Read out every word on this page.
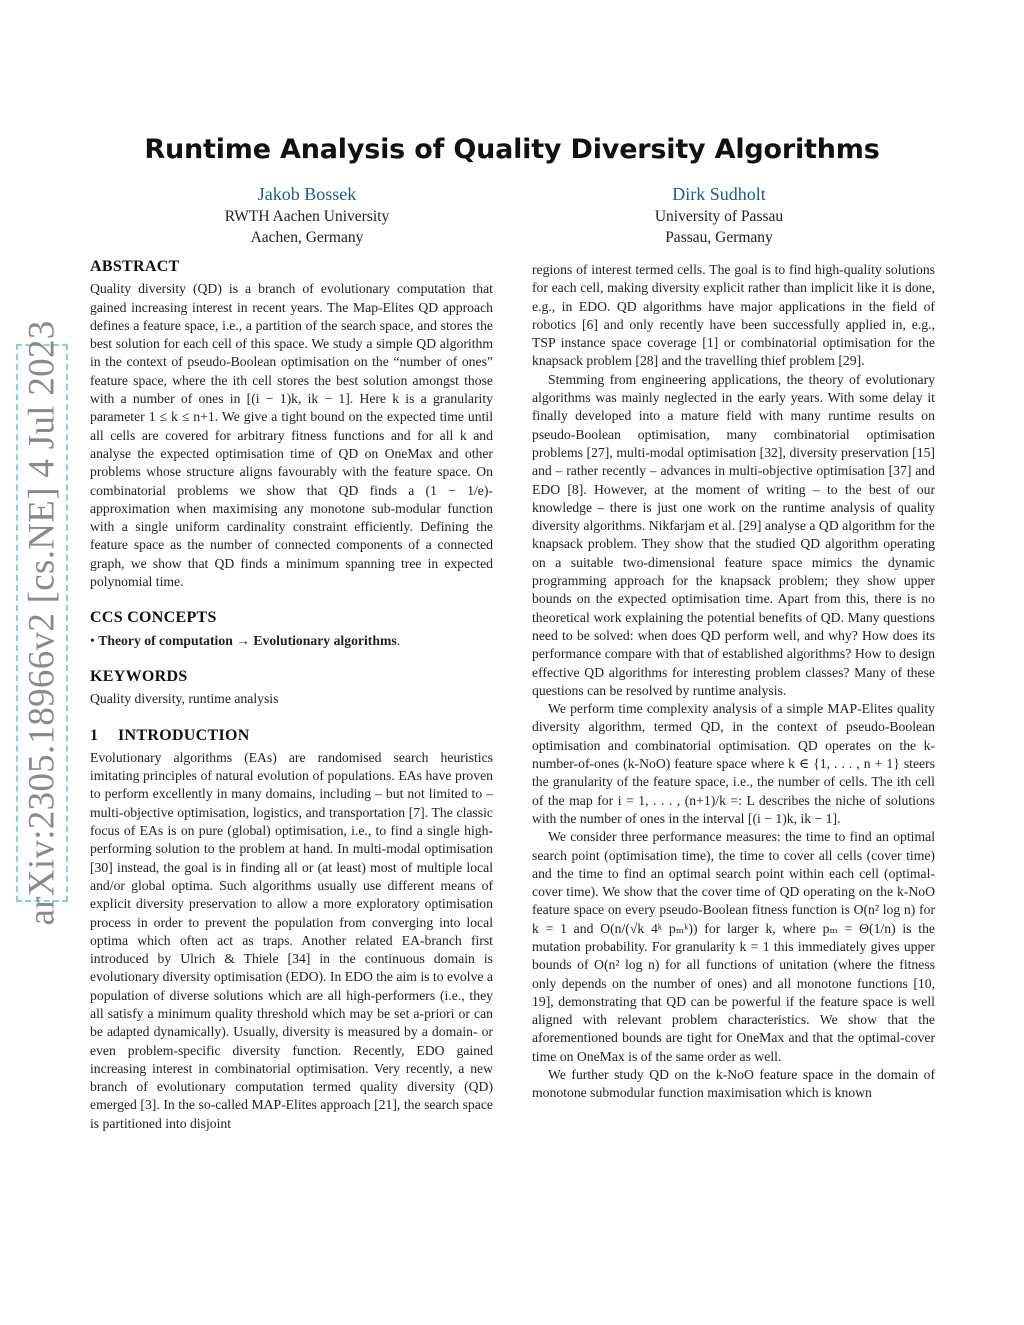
arXiv:2305.18966v2 [cs.NE] 4 Jul 2023
Runtime Analysis of Quality Diversity Algorithms
Jakob Bossek
RWTH Aachen University
Aachen, Germany
Dirk Sudholt
University of Passau
Passau, Germany
ABSTRACT

Quality diversity (QD) is a branch of evolutionary computation that gained increasing interest in recent years. The Map-Elites QD approach defines a feature space, i.e., a partition of the search space, and stores the best solution for each cell of this space. We study a simple QD algorithm in the context of pseudo-Boolean optimisation on the “number of ones” feature space, where the ith cell stores the best solution amongst those with a number of ones in [(i − 1)k, ik − 1]. Here k is a granularity parameter 1 ≤ k ≤ n+1. We give a tight bound on the expected time until all cells are covered for arbitrary fitness functions and for all k and analyse the expected optimisation time of QD on OneMax and other problems whose structure aligns favourably with the feature space. On combinatorial problems we show that QD finds a (1 − 1/e)-approximation when maximising any monotone sub-modular function with a single uniform cardinality constraint efficiently. Defining the feature space as the number of connected components of a connected graph, we show that QD finds a minimum spanning tree in expected polynomial time.

CCS CONCEPTS

• Theory of computation → Evolutionary algorithms.

KEYWORDS

Quality diversity, runtime analysis

1 INTRODUCTION

Evolutionary algorithms (EAs) are randomised search heuristics imitating principles of natural evolution of populations. EAs have proven to perform excellently in many domains, including – but not limited to – multi-objective optimisation, logistics, and transportation [7]. The classic focus of EAs is on pure (global) optimisation, i.e., to find a single high-performing solution to the problem at hand. In multi-modal optimisation [30] instead, the goal is in finding all or (at least) most of multiple local and/or global optima. Such algorithms usually use different means of explicit diversity preservation to allow a more exploratory optimisation process in order to prevent the population from converging into local optima which often act as traps. Another related EA-branch first introduced by Ulrich & Thiele [34] in the continuous domain is evolutionary diversity optimisation (EDO). In EDO the aim is to evolve a population of diverse solutions which are all high-performers (i.e., they all satisfy a minimum quality threshold which may be set a-priori or can be adapted dynamically). Usually, diversity is measured by a domain- or even problem-specific diversity function. Recently, EDO gained increasing interest in combinatorial optimisation. Very recently, a new branch of evolutionary computation termed quality diversity (QD) emerged [3]. In the so-called MAP-Elites approach [21], the search space is partitioned into disjoint

regions of interest termed cells. The goal is to find high-quality solutions for each cell, making diversity explicit rather than implicit like it is done, e.g., in EDO. QD algorithms have major applications in the field of robotics [6] and only recently have been successfully applied in, e.g., TSP instance space coverage [1] or combinatorial optimisation for the knapsack problem [28] and the travelling thief problem [29].

Stemming from engineering applications, the theory of evolutionary algorithms was mainly neglected in the early years. With some delay it finally developed into a mature field with many runtime results on pseudo-Boolean optimisation, many combinatorial optimisation problems [27], multi-modal optimisation [32], diversity preservation [15] and – rather recently – advances in multi-objective optimisation [37] and EDO [8]. However, at the moment of writing – to the best of our knowledge – there is just one work on the runtime analysis of quality diversity algorithms. Nikfarjam et al. [29] analyse a QD algorithm for the knapsack problem. They show that the studied QD algorithm operating on a suitable two-dimensional feature space mimics the dynamic programming approach for the knapsack problem; they show upper bounds on the expected optimisation time. Apart from this, there is no theoretical work explaining the potential benefits of QD. Many questions need to be solved: when does QD perform well, and why? How does its performance compare with that of established algorithms? How to design effective QD algorithms for interesting problem classes? Many of these questions can be resolved by runtime analysis.

We perform time complexity analysis of a simple MAP-Elites quality diversity algorithm, termed QD, in the context of pseudo-Boolean optimisation and combinatorial optimisation. QD operates on the k-number-of-ones (k-NoO) feature space where k ∈ {1, . . . , n + 1} steers the granularity of the feature space, i.e., the number of cells. The ith cell of the map for i = 1, . . . , (n+1)/k =: L describes the niche of solutions with the number of ones in the interval [(i − 1)k, ik − 1].

We consider three performance measures: the time to find an optimal search point (optimisation time), the time to cover all cells (cover time) and the time to find an optimal search point within each cell (optimal-cover time). We show that the cover time of QD operating on the k-NoO feature space on every pseudo-Boolean fitness function is O(n² log n) for k = 1 and O(n/(√k 4ᵏ pₘᵏ)) for larger k, where pₘ = Θ(1/n) is the mutation probability. For granularity k = 1 this immediately gives upper bounds of O(n² log n) for all functions of unitation (where the fitness only depends on the number of ones) and all monotone functions [10, 19], demonstrating that QD can be powerful if the feature space is well aligned with relevant problem characteristics. We show that the aforementioned bounds are tight for OneMax and that the optimal-cover time on OneMax is of the same order as well.

We further study QD on the k-NoO feature space in the domain of monotone submodular function maximisation which is known
